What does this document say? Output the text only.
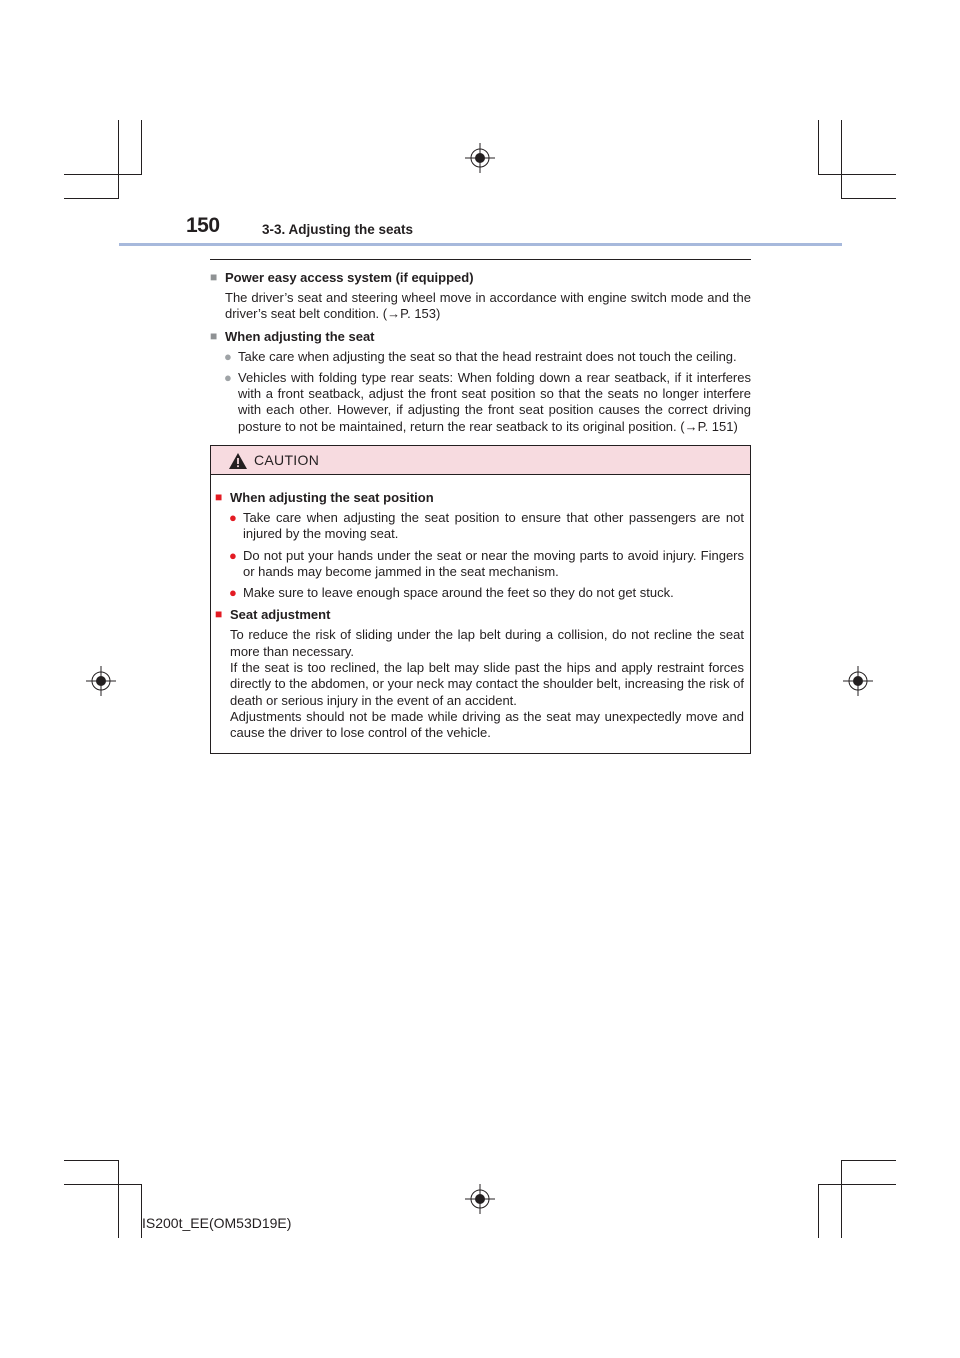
150	3-3. Adjusting the seats
■ Power easy access system (if equipped)
The driver’s seat and steering wheel move in accordance with engine switch mode and the driver’s seat belt condition. (→P. 153)
■ When adjusting the seat
● Take care when adjusting the seat so that the head restraint does not touch the ceiling.
● Vehicles with folding type rear seats: When folding down a rear seatback, if it interferes with a front seatback, adjust the front seat position so that the seats no longer interfere with each other. However, if adjusting the front seat position causes the correct driving posture to not be maintained, return the rear seatback to its original position. (→P. 151)
CAUTION
■ When adjusting the seat position
● Take care when adjusting the seat position to ensure that other passengers are not injured by the moving seat.
● Do not put your hands under the seat or near the moving parts to avoid injury. Fingers or hands may become jammed in the seat mechanism.
● Make sure to leave enough space around the feet so they do not get stuck.
■ Seat adjustment
To reduce the risk of sliding under the lap belt during a collision, do not recline the seat more than necessary.
If the seat is too reclined, the lap belt may slide past the hips and apply restraint forces directly to the abdomen, or your neck may contact the shoulder belt, increasing the risk of death or serious injury in the event of an accident.
Adjustments should not be made while driving as the seat may unexpectedly move and cause the driver to lose control of the vehicle.
IS200t_EE(OM53D19E)
